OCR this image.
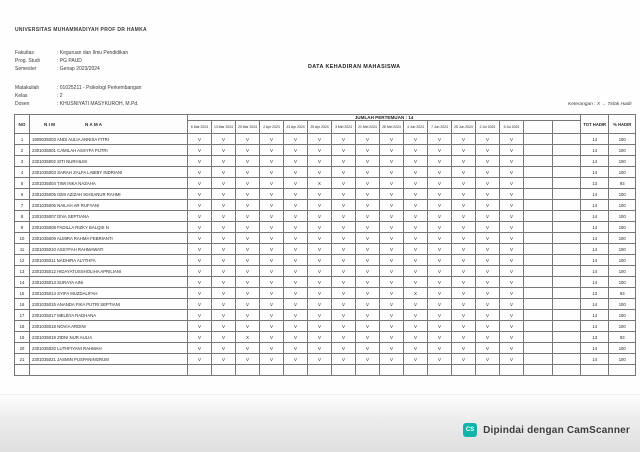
UNIVERSITAS MUHAMMADIYAH PROF DR HAMKA
Fakultas	: Keguruan dan Ilmu Pendidikan
Prog. Studi	: PG PAUD
Semester	: Genap 2023/2024	DATA KEHADIRAN MAHASISWA
Matakuliah	: 01025211 - Psikologi Perkembangan
Kelas	: 2
Dosen	: KHUSNIYATI MASYKUROH, M.Pd.	Keterangan : X → Tidak Hadir
NO	N I M N A M A	JUMLAH PERTEMUAN : 14																TOT HADIR	% HADIR
		6 Mar 2024	13 Mar 2024	20 Mar 2024	2 Apr 2024	23 Apr 2024	25 Apr 2024	3 Mei 2024	21 Mei 2024	28 Mei 2024	4 Jun 2024	7 Jun 2024	25 Jun 2024	2 Jul 2024	5 Jul 2024				
1	1909035003 ANDI AULIA ANNISA FITRI	V	V	V	V	V	V	V	V	V	V	V	V	V	V			14	100
2	2301035001 CAMILAH ASSYFA PUTRI	V	V	V	V	V	V	V	V	V	V	V	V	V	V			14	100
3	2301035002 SITI NURHILMI	V	V	V	V	V	V	V	V	V	V	V	V	V	V			14	100
4	2301035003 SARAH ZALFA LABIBY INDRIANI	V	V	V	V	V	V	V	V	V	V	V	V	V	V			14	100
5	2301035004 TIWI INKA NAZAHA	V	V	V	V	V	X	V	V	V	V	V	V	V	V			13	93
6	2301035005 ISMI AZIZAH IKHSANUR RAHMI	V	V	V	V	V	V	V	V	V	V	V	V	V	V			14	100
7	2301035006 NAILAH AR RUFYANI	V	V	V	V	V	V	V	V	V	V	V	V	V	V			14	100
8	2301035007 DIVA SEPTIANA	V	V	V	V	V	V	V	V	V	V	V	V	V	V			14	100
9	2301035008 FADILLA RIZKY BALQIS N	V	V	V	V	V	V	V	V	V	V	V	V	V	V			14	100
10	2301035009 ALMIRA RAHMA FEBRIANTI	V	V	V	V	V	V	V	V	V	V	V	V	V	V			14	100
11	2301035010 ASSYFAH RAHMAWATI	V	V	V	V	V	V	V	V	V	V	V	V	V	V			14	100
12	2301035011 NADHIRA ALYTHFA	V	V	V	V	V	V	V	V	V	V	V	V	V	V			14	100
13	2301035012 HIDAYATUSSHOLIHA APRILIANI	V	V	V	V	V	V	V	V	V	V	V	V	V	V			14	100
14	2301035013 SURAYA AINI	V	V	V	V	V	V	V	V	V	V	V	V	V	V			14	100
15	2301035014 SYIFA MUZDALIFAH	V	V	V	V	V	V	V	V	V	X	V	V	V	V			13	93
16	2301035015 ANANDA FIKA PUTRI SEPTIANI	V	V	V	V	V	V	V	V	V	V	V	V	V	V			14	100
17	2301035017 MELBYA RADHANA	V	V	V	V	V	V	V	V	V	V	V	V	V	V			14	100
18	2301035018 NOVIA ARDINI	V	V	V	V	V	V	V	V	V	V	V	V	V	V			14	100
19	2301035019 ZIDNI NUR AULIA	V	V	X	V	V	V	V	V	V	V	V	V	V	V			13	93
20	2301035020 LUTHFIYANI RAHMAH	V	V	V	V	V	V	V	V	V	V	V	V	V	V			14	100
21	2301035021 JASMIN PUSPANINGRUM	V	V	V	V	V	V	V	V	V	V	V	V	V	V			14	100

CS Dipindai dengan CamScanner
